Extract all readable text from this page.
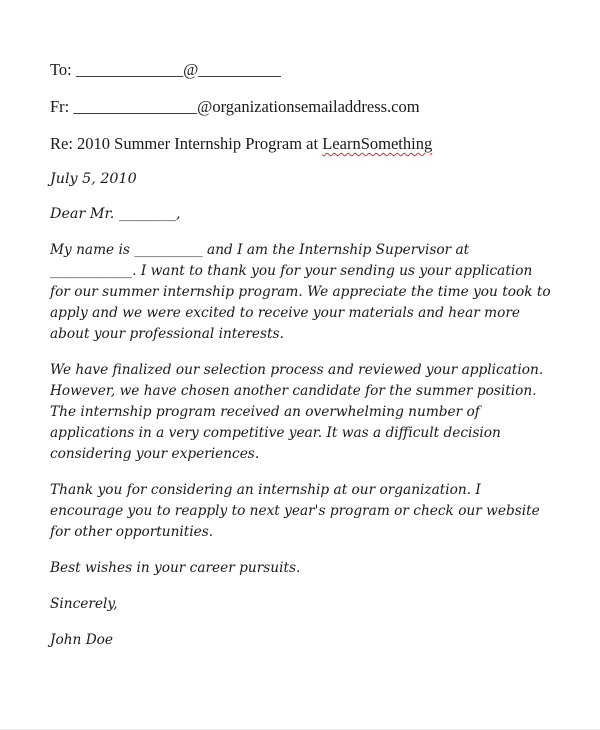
To: _____________@__________
Fr: _______________@organizationsemailaddress.com
Re: 2010 Summer Internship Program at LearnSomething
July 5, 2010
Dear Mr. ________,
My name is __________ and I am the Internship Supervisor at
____________. I want to thank you for your sending us your application
for our summer internship program. We appreciate the time you took to
apply and we were excited to receive your materials and hear more
about your professional interests.
We have finalized our selection process and reviewed your application.
However, we have chosen another candidate for the summer position.
The internship program received an overwhelming number of
applications in a very competitive year. It was a difficult decision
considering your experiences.
Thank you for considering an internship at our organization. I
encourage you to reapply to next year's program or check our website
for other opportunities.
Best wishes in your career pursuits.
Sincerely,
John Doe
